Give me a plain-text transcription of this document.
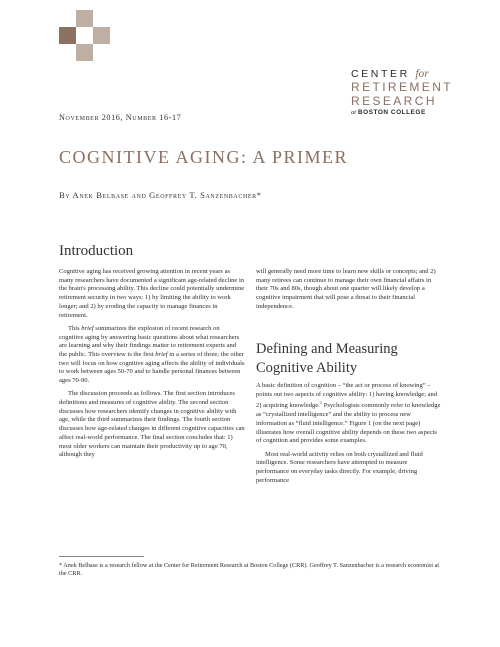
CENTER for
RETIREMENT
RESEARCH
at BOSTON COLLEGE
November 2016, Number 16-17
COGNITIVE AGING: A PRIMER
By Anek Belbase and Geoffrey T. Sanzenbacher*
Introduction

Cognitive aging has received growing attention in recent years as many researchers have documented a significant age-related decline in the brain's processing ability. This decline could potentially undermine retirement security in two ways: 1) by limiting the ability to work longer; and 2) by eroding the capacity to manage finances in retirement.

This brief summarizes the explosion of recent research on cognitive aging by answering basic questions about what researchers are learning and why their findings matter to retirement experts and the public. This overview is the first brief in a series of three; the other two will focus on how cognitive aging affects the ability of individuals to work between ages 50-70 and to handle personal finances between ages 70-90.

The discussion proceeds as follows. The first section introduces definitions and measures of cognitive ability. The second section discusses how researchers identify changes in cognitive ability with age, while the third summarizes their findings. The fourth section discusses how age-related changes in different cognitive capacities can affect real-world performance. The final section concludes that: 1) most older workers can maintain their productivity up to age 70, although they

will generally need more time to learn new skills or concepts; and 2) many retirees can continue to manage their own financial affairs in their 70s and 80s, though about one quarter will likely develop a cognitive impairment that will pose a threat to their financial independence.

Defining and Measuring Cognitive Ability

A basic definition of cognition – “the act or process of knowing” – points out two aspects of cognitive ability: 1) having knowledge; and 2) acquiring knowledge.$^1$ Psychologists commonly refer to knowledge as “crystallized intelligence” and the ability to process new information as “fluid intelligence.” Figure 1 (on the next page) illustrates how overall cognitive ability depends on these two aspects of cognition and provides some examples.

Most real-world activity relies on both crystallized and fluid intelligence. Some researchers have attempted to measure performance on everyday tasks directly. For example, driving performance

* Anek Belbase is a research fellow at the Center for Retirement Research at Boston College (CRR). Geoffrey T. Sanzenbacher is a research economist at the CRR.
